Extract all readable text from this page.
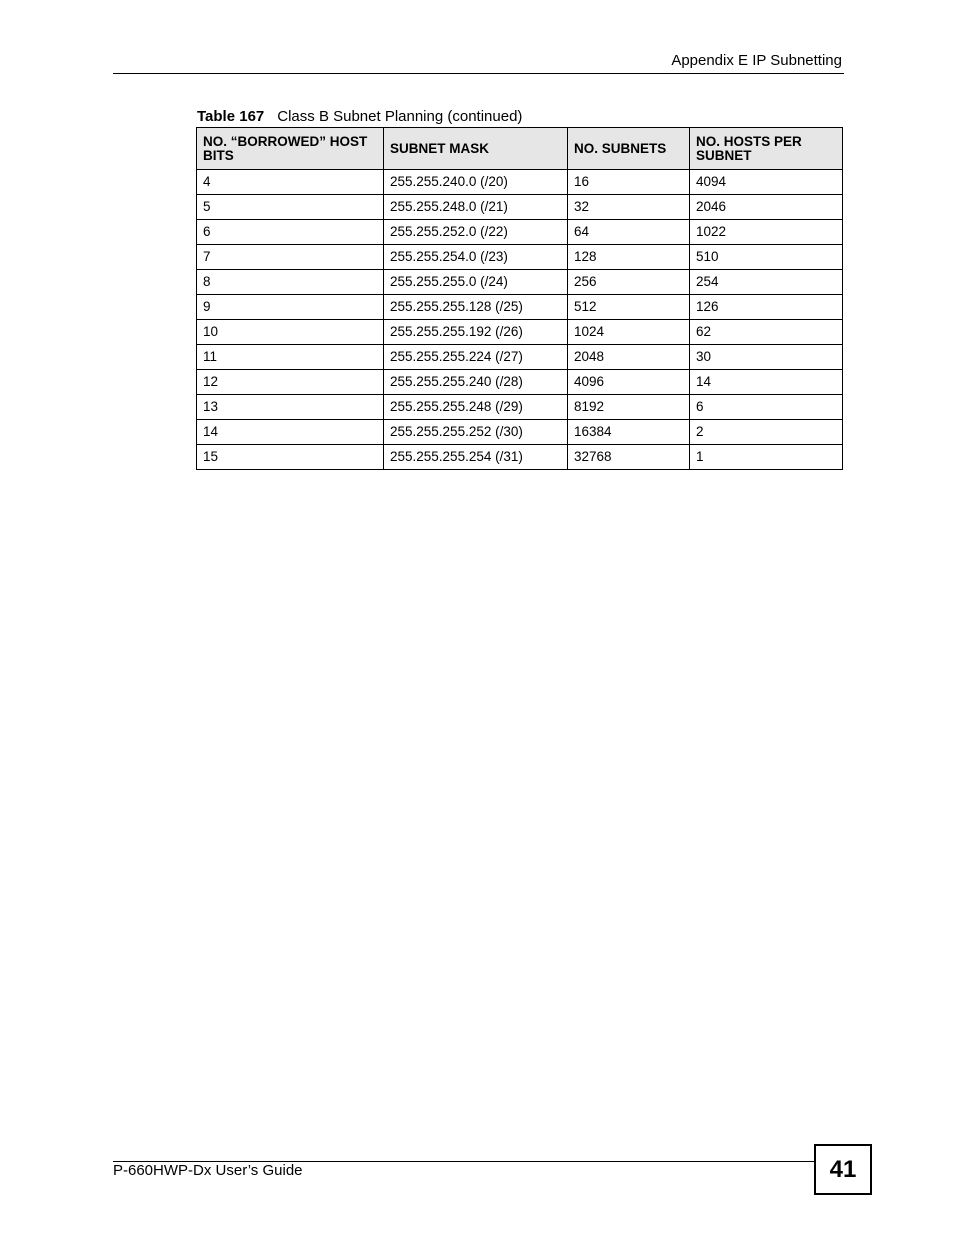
Appendix E IP Subnetting
Table 167 Class B Subnet Planning (continued)
NO. “BORROWED” HOST BITS	SUBNET MASK	NO. SUBNETS	NO. HOSTS PER SUBNET
4	255.255.240.0 (/20)	16	4094
5	255.255.248.0 (/21)	32	2046
6	255.255.252.0 (/22)	64	1022
7	255.255.254.0 (/23)	128	510
8	255.255.255.0 (/24)	256	254
9	255.255.255.128 (/25)	512	126
10	255.255.255.192 (/26)	1024	62
11	255.255.255.224 (/27)	2048	30
12	255.255.255.240 (/28)	4096	14
13	255.255.255.248 (/29)	8192	6
14	255.255.255.252 (/30)	16384	2
15	255.255.255.254 (/31)	32768	1
P-660HWP-Dx User’s Guide	41
